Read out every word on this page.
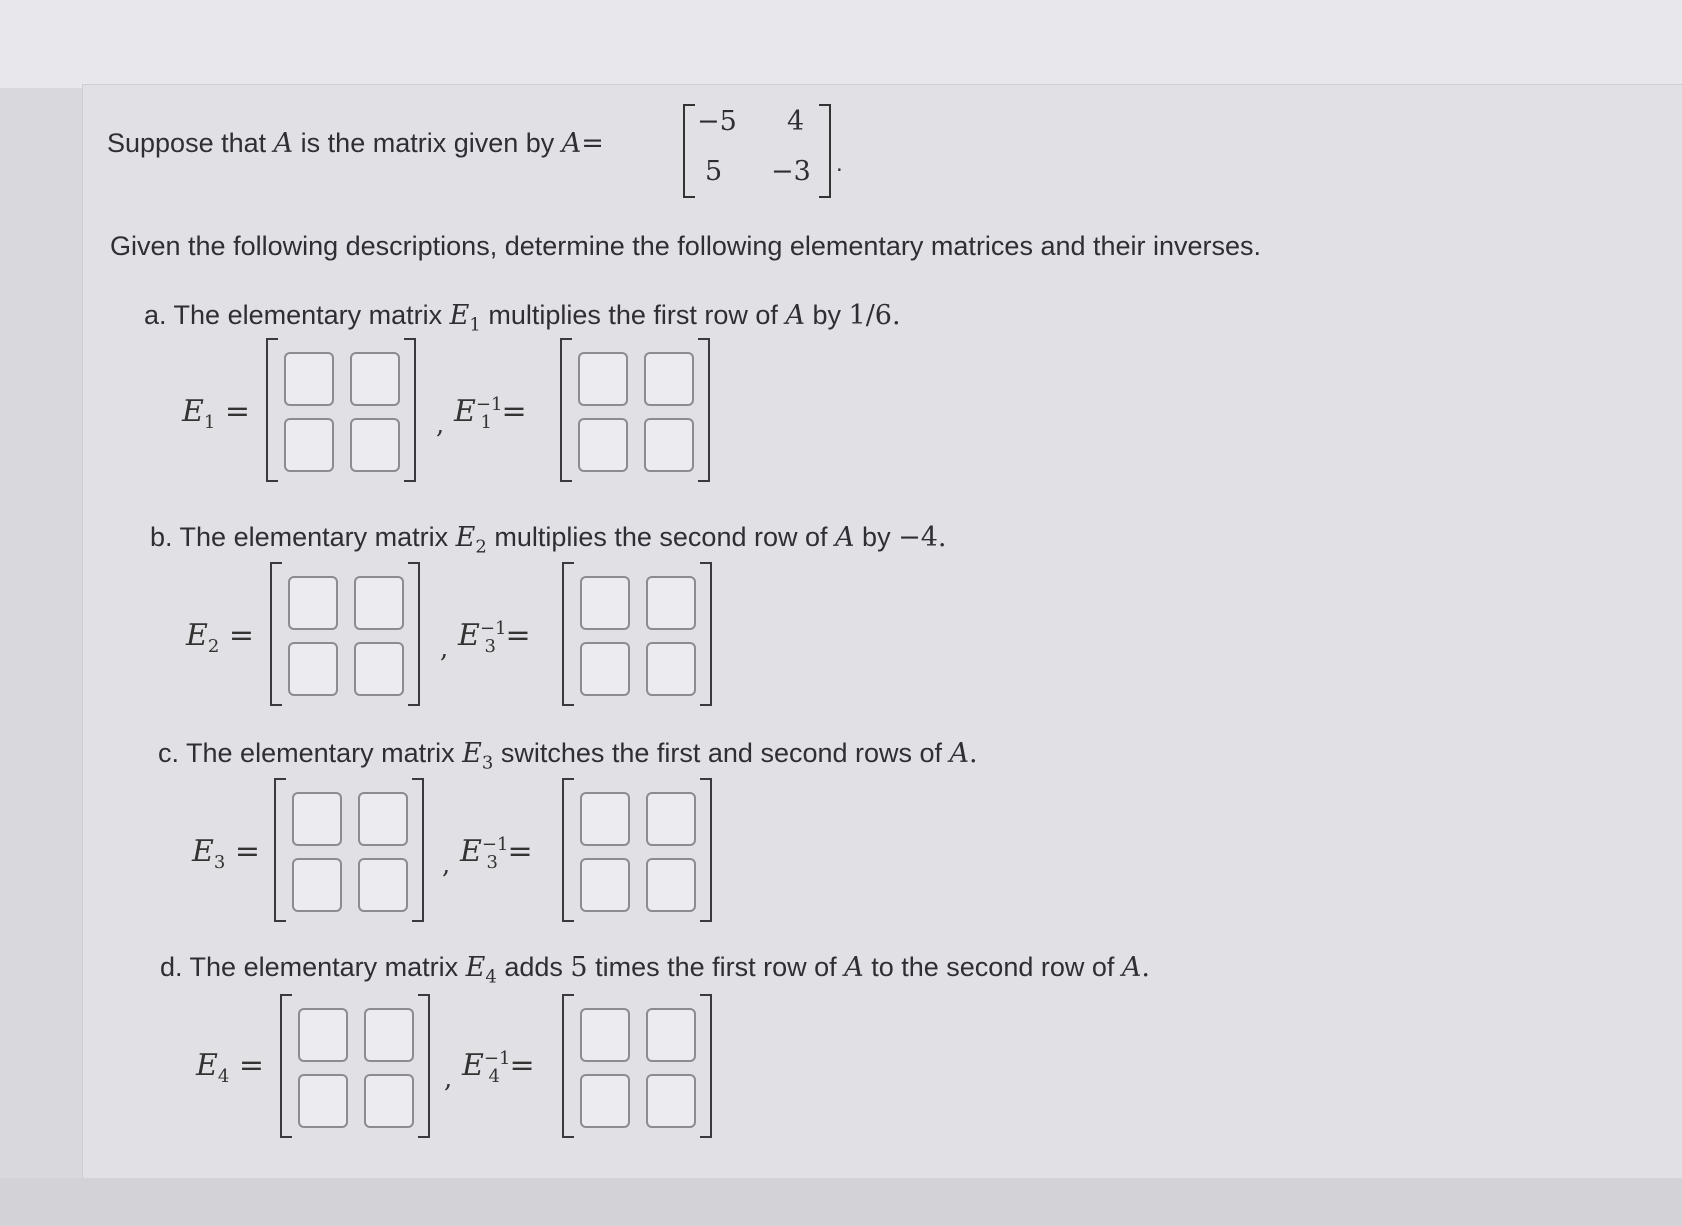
Suppose that A is the matrix given by A=
−5 4
5 −3 .
Given the following descriptions, determine the following elementary matrices and their inverses.
a. The elementary matrix $E_1$ multiplies the first row of A by 1/6.
$E_1$ =	, $E^{-1}_1$ =
b. The elementary matrix $E_2$ multiplies the second row of A by −4.
$E_2$ =	, $E^{-1}_3$ =
c. The elementary matrix $E_3$ switches the first and second rows of A.
$E_3$ =	, $E^{-1}_3$ =
d. The elementary matrix $E_4$ adds 5 times the first row of A to the second row of A.
$E_4$ =	, $E^{-1}_4$ =
